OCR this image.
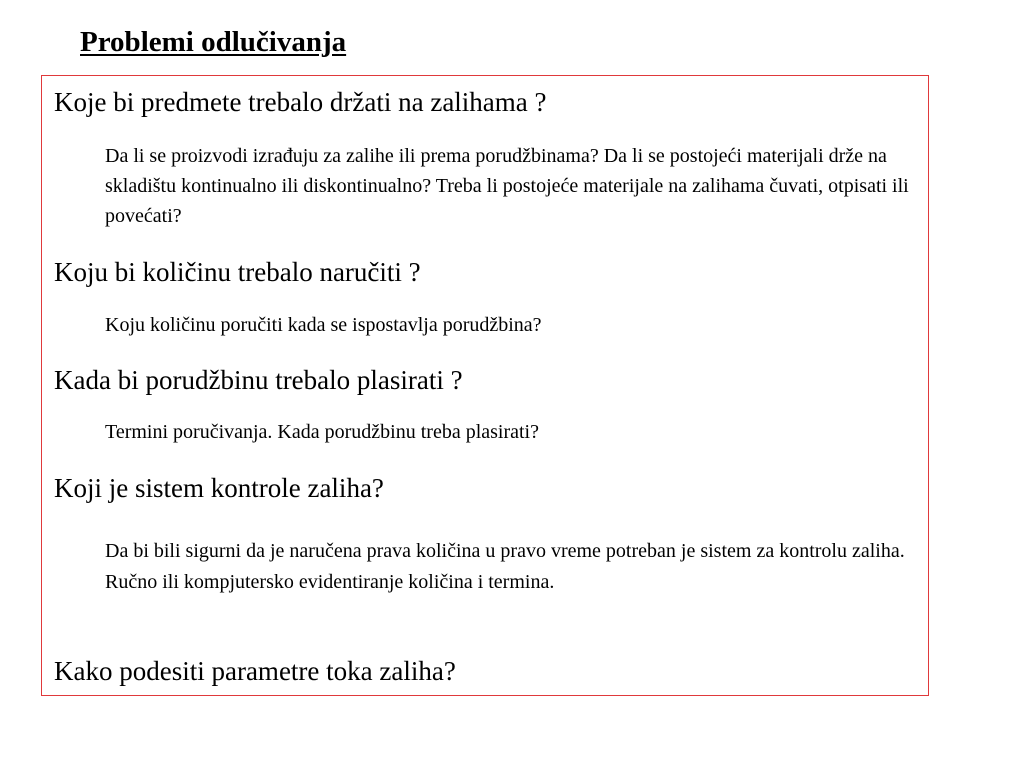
Problemi odlučivanja

Koje bi predmete trebalo držati na zalihama ?

Da li se proizvodi izrađuju za zalihe ili prema porudžbinama? Da li se postojeći materijali drže na skladištu kontinualno ili diskontinualno? Treba li postojeće materijale na zalihama čuvati, otpisati ili povećati?

Koju bi količinu trebalo naručiti ?

Koju količinu poručiti kada se ispostavlja porudžbina?

Kada bi porudžbinu trebalo plasirati ?

Termini poručivanja. Kada porudžbinu treba plasirati?

Koji je sistem kontrole zaliha?

Da bi bili sigurni da je naručena prava količina u pravo vreme potreban je sistem za kontrolu zaliha. Ručno ili kompjutersko evidentiranje količina i termina.

Kako podesiti parametre toka zaliha?
